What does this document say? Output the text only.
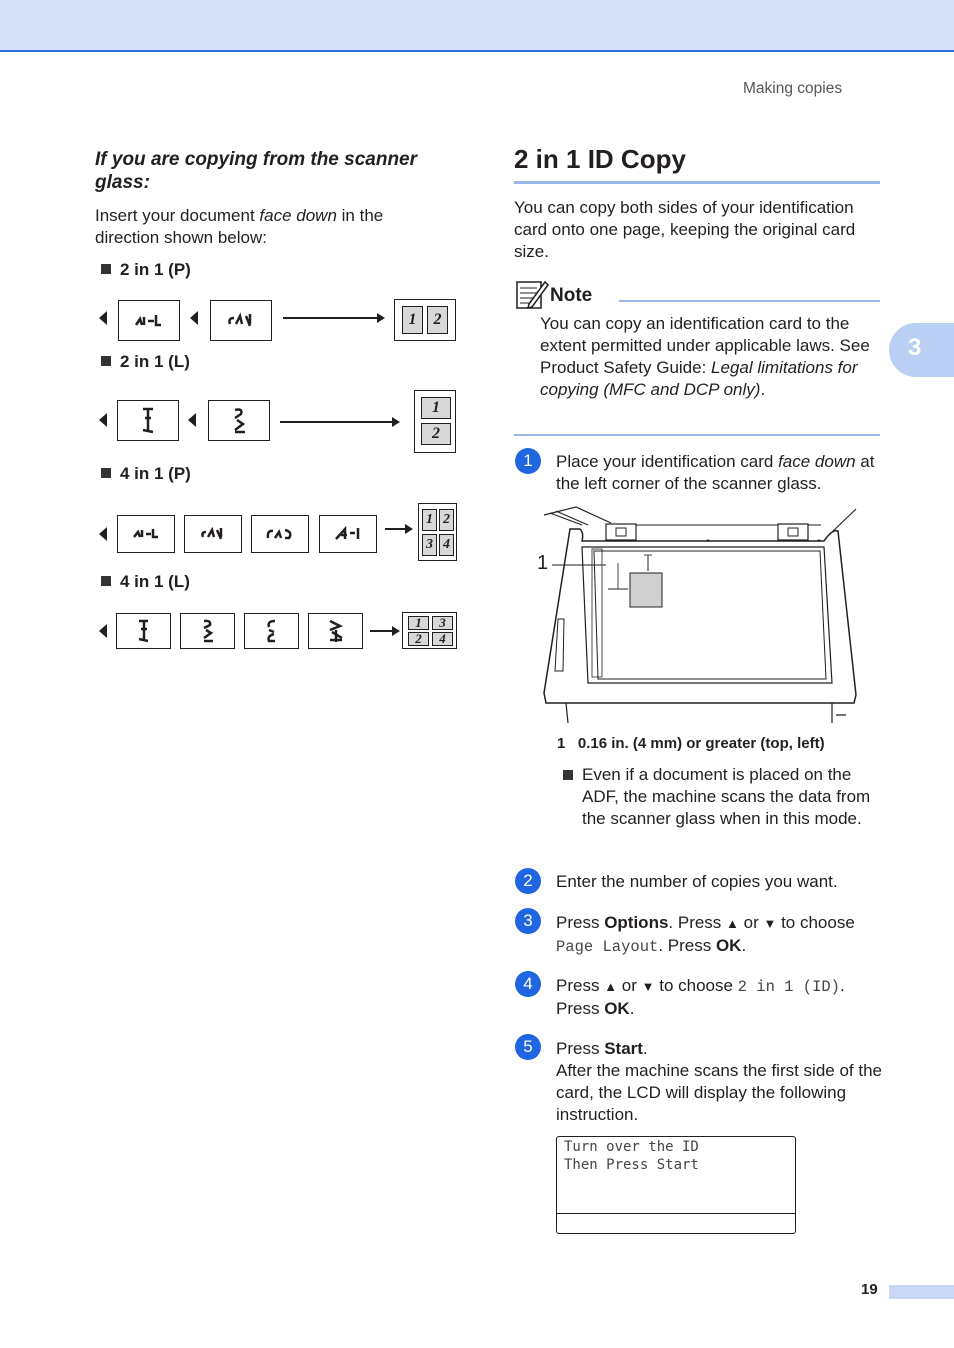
Making copies
3
If you are copying from the scanner glass:
Insert your document face down in the direction shown below:
2 in 1 (P)
1	2
2 in 1 (L)
1
2
4 in 1 (P)
1 2
3 4
4 in 1 (L)
1	3
2	4
2 in 1 ID Copy
You can copy both sides of your identification card onto one page, keeping the original card size.
Note
You can copy an identification card to the extent permitted under applicable laws. See Product Safety Guide: Legal limitations for copying (MFC and DCP only).
1	Place your identification card face down at the left corner of the scanner glass.
1
1 0.16 in. (4 mm) or greater (top, left)
Even if a document is placed on the ADF, the machine scans the data from the scanner glass when in this mode.
2	Enter the number of copies you want.
3	Press Options. Press ▲ or ▼ to choose
Page Layout. Press OK.
4	Press ▲ or ▼ to choose 2 in 1 (ID).
Press OK.
5	Press Start.
After the machine scans the first side of the card, the LCD will display the following instruction.
Turn over the ID
Then Press Start
19
